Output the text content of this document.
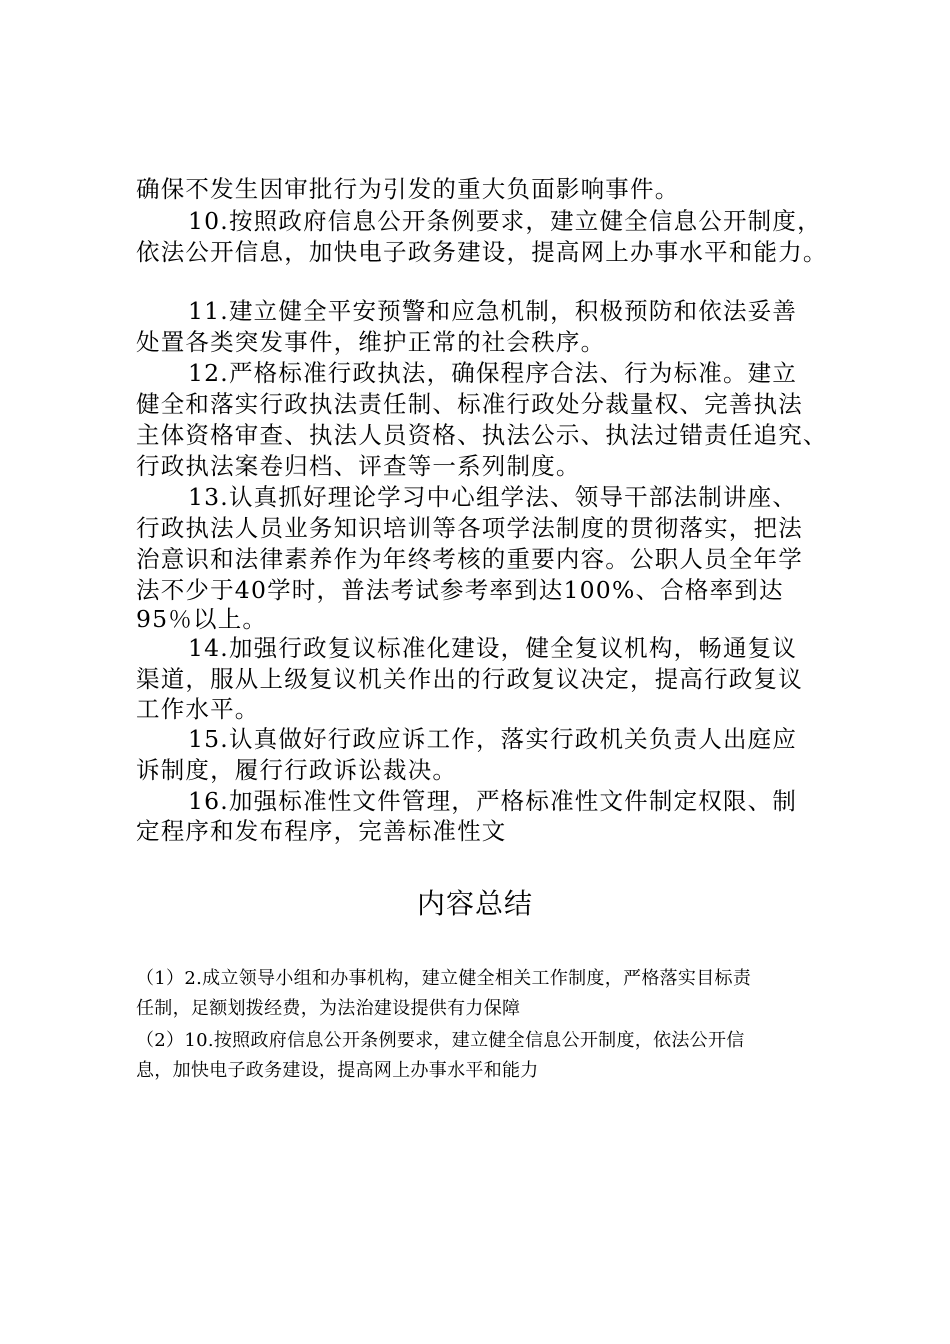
确保不发生因审批行为引发的重大负面影响事件。
10.按照政府信息公开条例要求，建立健全信息公开制度，
依法公开信息，加快电子政务建设，提高网上办事水平和能力。
11.建立健全平安预警和应急机制，积极预防和依法妥善
处置各类突发事件，维护正常的社会秩序。
12.严格标准行政执法，确保程序合法、行为标准。建立
健全和落实行政执法责任制、标准行政处分裁量权、完善执法
主体资格审查、执法人员资格、执法公示、执法过错责任追究、
行政执法案卷归档、评查等一系列制度。
13.认真抓好理论学习中心组学法、领导干部法制讲座、
行政执法人员业务知识培训等各项学法制度的贯彻落实，把法
治意识和法律素养作为年终考核的重要内容。公职人员全年学
法不少于40学时，普法考试参考率到达100%、合格率到达
95％以上。
14.加强行政复议标准化建设，健全复议机构，畅通复议
渠道，服从上级复议机关作出的行政复议决定，提高行政复议
工作水平。
15.认真做好行政应诉工作，落实行政机关负责人出庭应
诉制度，履行行政诉讼裁决。
16.加强标准性文件管理，严格标准性文件制定权限、制
定程序和发布程序，完善标准性文
内容总结
（1）2.成立领导小组和办事机构，建立健全相关工作制度，严格落实目标责
任制，足额划拨经费，为法治建设提供有力保障
（2）10.按照政府信息公开条例要求，建立健全信息公开制度，依法公开信
息，加快电子政务建设，提高网上办事水平和能力
